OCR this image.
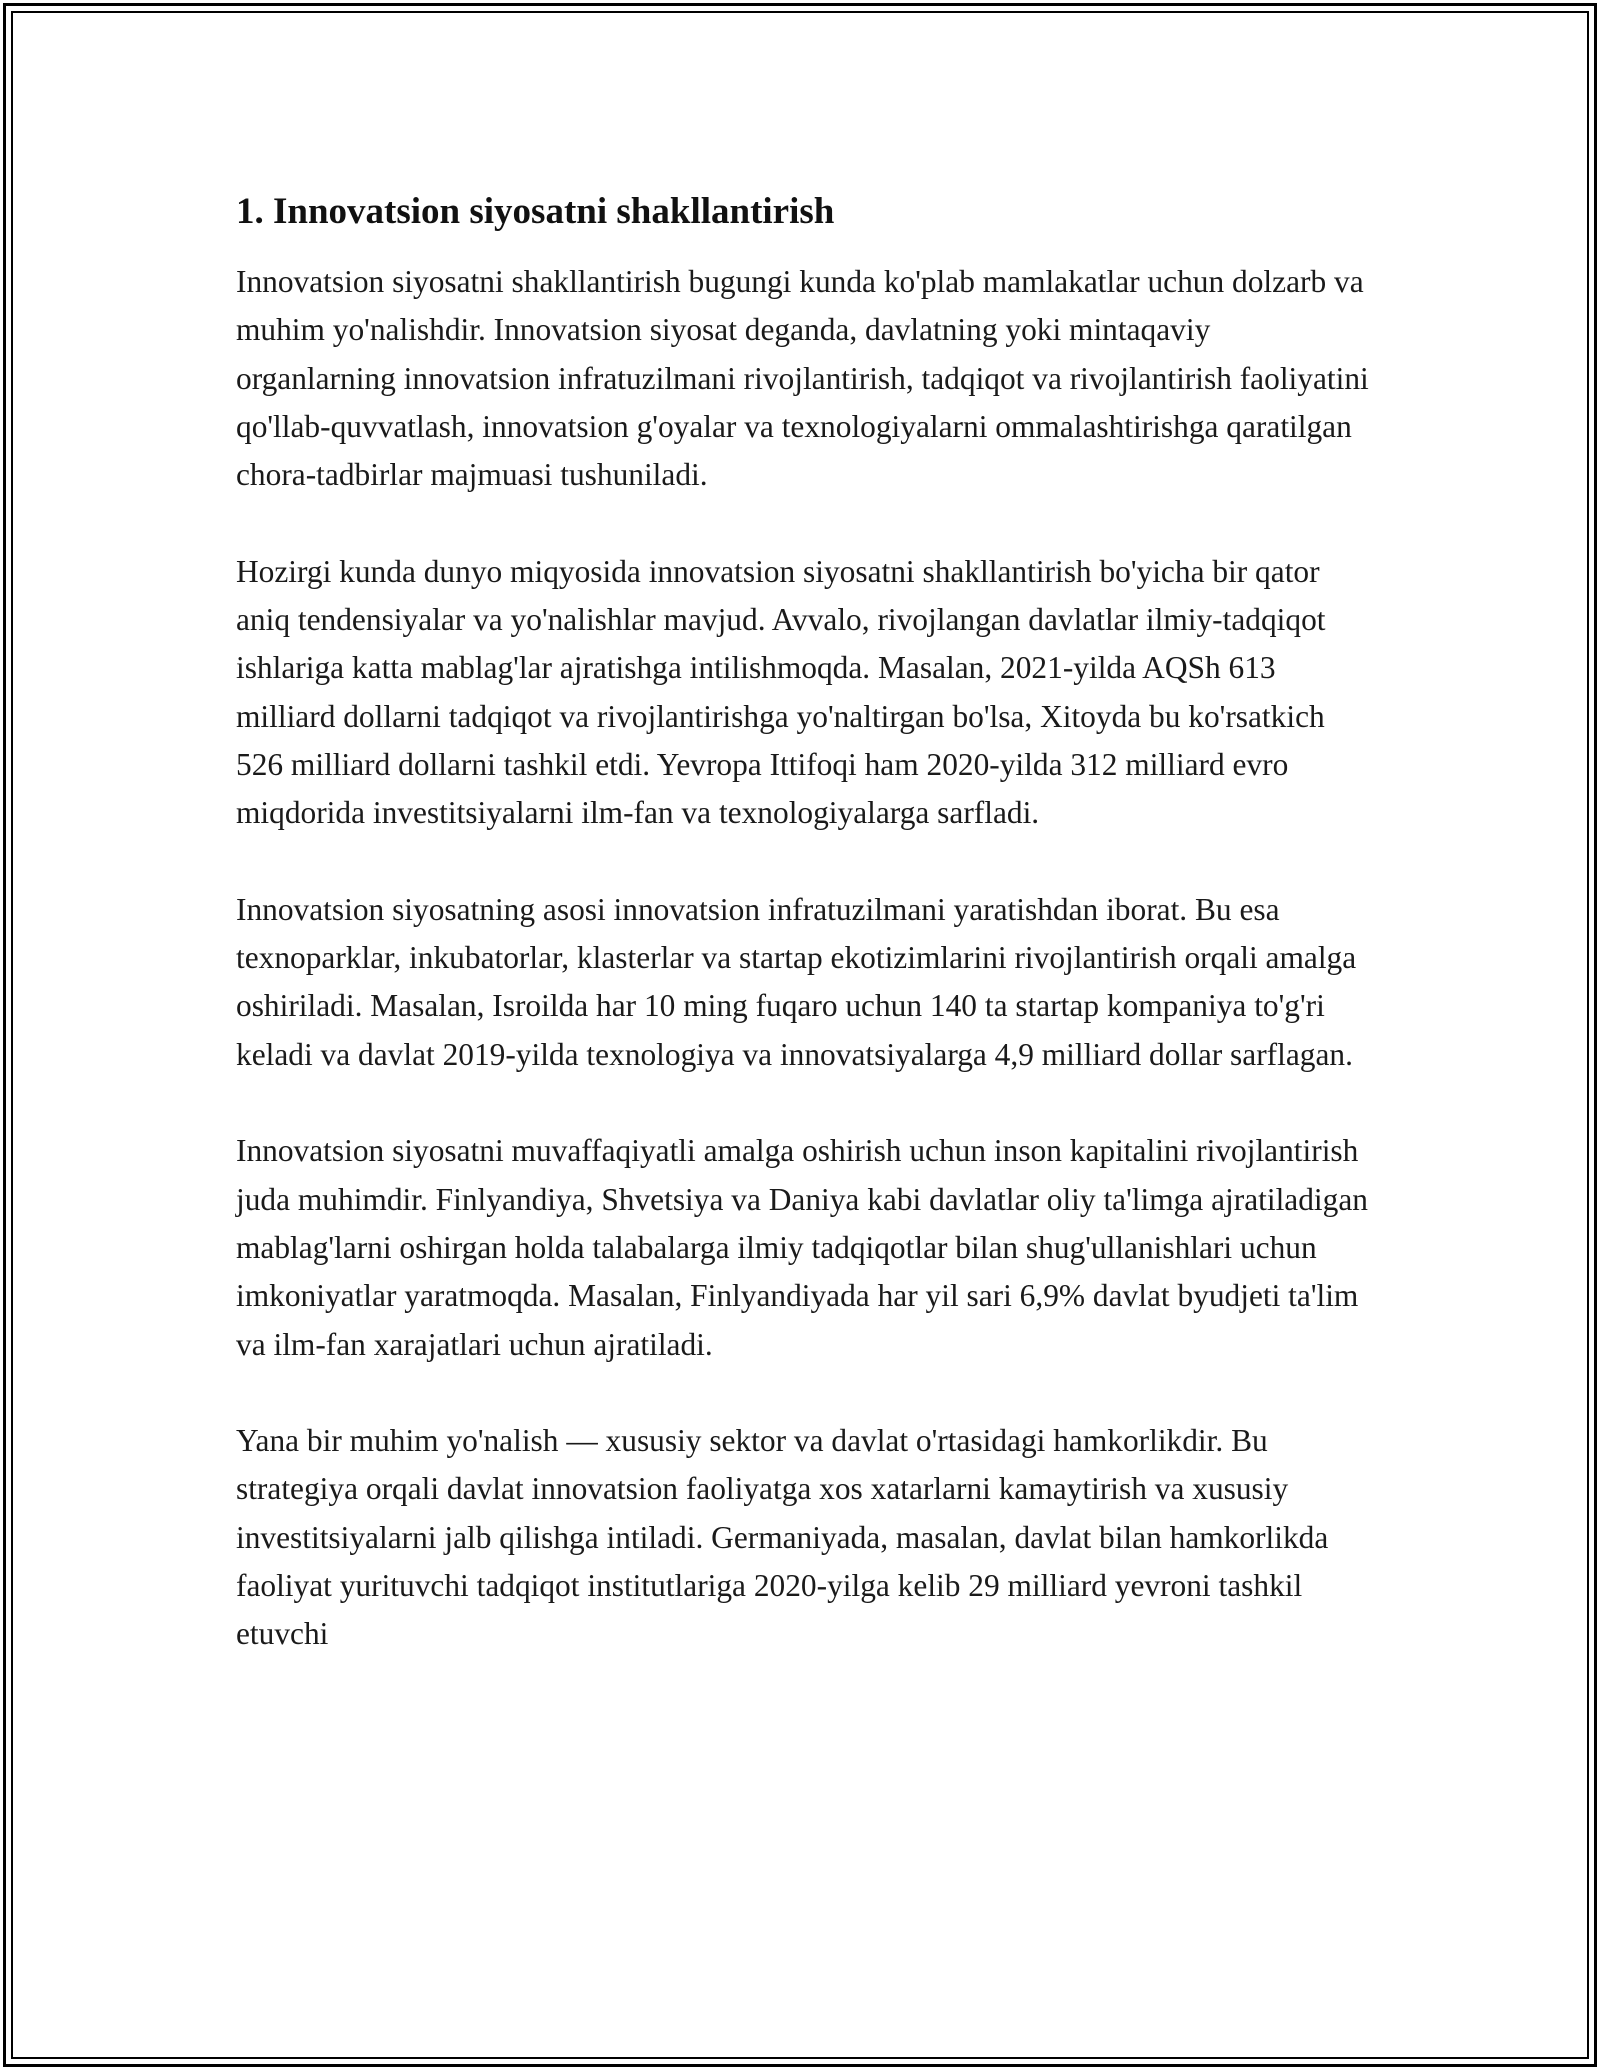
1. Innovatsion siyosatni shakllantirish

Innovatsion siyosatni shakllantirish bugungi kunda ko'plab mamlakatlar uchun dolzarb va muhim yo'nalishdir. Innovatsion siyosat deganda, davlatning yoki mintaqaviy organlarning innovatsion infratuzilmani rivojlantirish, tadqiqot va rivojlantirish faoliyatini qo'llab-quvvatlash, innovatsion g'oyalar va texnologiyalarni ommalashtirishga qaratilgan chora-tadbirlar majmuasi tushuniladi.

Hozirgi kunda dunyo miqyosida innovatsion siyosatni shakllantirish bo'yicha bir qator aniq tendensiyalar va yo'nalishlar mavjud. Avvalo, rivojlangan davlatlar ilmiy-tadqiqot ishlariga katta mablag'lar ajratishga intilishmoqda. Masalan, 2021-yilda AQSh 613 milliard dollarni tadqiqot va rivojlantirishga yo'naltirgan bo'lsa, Xitoyda bu ko'rsatkich 526 milliard dollarni tashkil etdi. Yevropa Ittifoqi ham 2020-yilda 312 milliard evro miqdorida investitsiyalarni ilm-fan va texnologiyalarga sarfladi.

Innovatsion siyosatning asosi innovatsion infratuzilmani yaratishdan iborat. Bu esa texnoparklar, inkubatorlar, klasterlar va startap ekotizimlarini rivojlantirish orqali amalga oshiriladi. Masalan, Isroilda har 10 ming fuqaro uchun 140 ta startap kompaniya to'g'ri keladi va davlat 2019-yilda texnologiya va innovatsiyalarga 4,9 milliard dollar sarflagan.

Innovatsion siyosatni muvaffaqiyatli amalga oshirish uchun inson kapitalini rivojlantirish juda muhimdir. Finlyandiya, Shvetsiya va Daniya kabi davlatlar oliy ta'limga ajratiladigan mablag'larni oshirgan holda talabalarga ilmiy tadqiqotlar bilan shug'ullanishlari uchun imkoniyatlar yaratmoqda. Masalan, Finlyandiyada har yil sari 6,9% davlat byudjeti ta'lim va ilm-fan xarajatlari uchun ajratiladi.

Yana bir muhim yo'nalish — xususiy sektor va davlat o'rtasidagi hamkorlikdir. Bu strategiya orqali davlat innovatsion faoliyatga xos xatarlarni kamaytirish va xususiy investitsiyalarni jalb qilishga intiladi. Germaniyada, masalan, davlat bilan hamkorlikda faoliyat yurituvchi tadqiqot institutlariga 2020-yilga kelib 29 milliard yevroni tashkil etuvchi
